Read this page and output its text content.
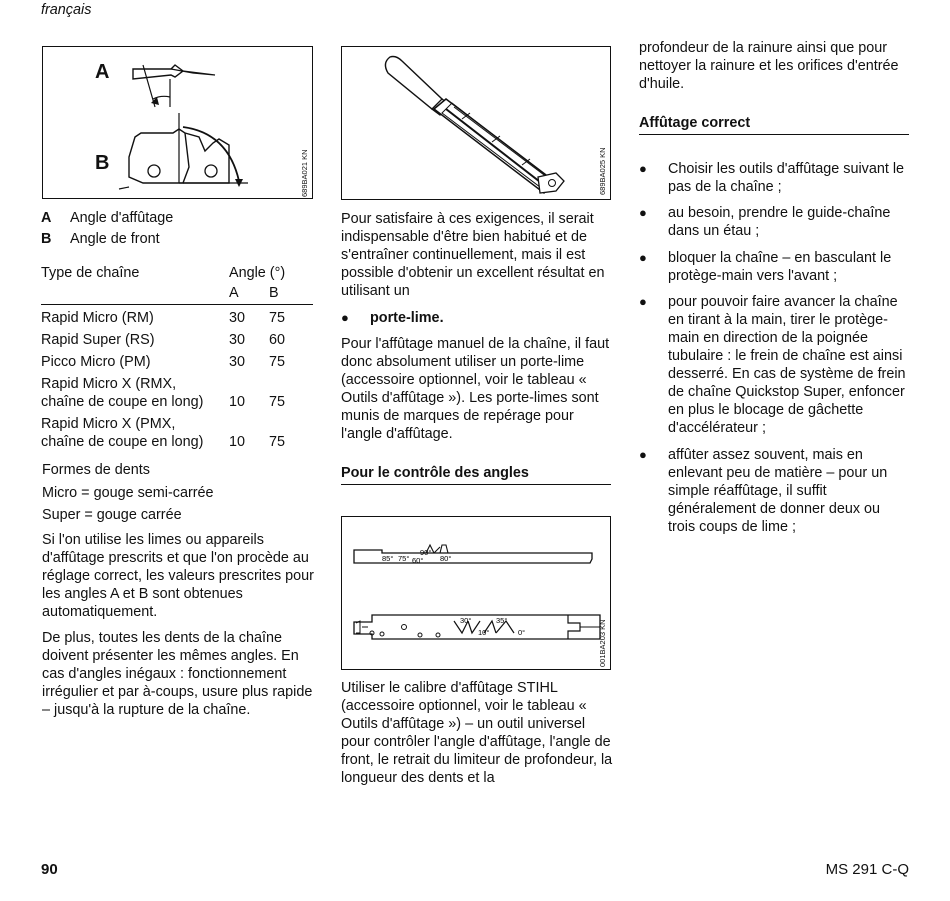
français
A
B	689BA021 KN
A	Angle d'affûtage
B	Angle de front
Type de chaîne	Angle (°)	
	A	B
Rapid Micro (RM)	30	75
Rapid Super (RS)	30	60
Picco Micro (PM)	30	75

Rapid Micro X (RMX,
chaîne de coupe en long)	10	75

Rapid Micro X (PMX,
chaîne de coupe en long)	10	75
Formes de dents
Micro = gouge semi-carrée
Super = gouge carrée

Si l'on utilise les limes ou appareils d'affûtage prescrits et que l'on procède au réglage correct, les valeurs prescrites pour les angles A et B sont obtenues automatiquement.

De plus, toutes les dents de la chaîne doivent présenter les mêmes angles. En cas d'angles inégaux : fonctionnement irrégulier et par à-coups, usure plus rapide – jusqu'à la rupture de la chaîne.

689BA025 KN

Pour satisfaire à ces exigences, il serait indispensable d'être bien habitué et de s'entraîner continuellement, mais il est possible d'obtenir un excellent résultat en utilisant un

●	porte-lime.

Pour l'affûtage manuel de la chaîne, il faut donc absolument utiliser un porte-lime (accessoire optionnel, voir le tableau « Outils d'affûtage »). Les porte-limes sont munis de marques de repérage pour l'angle d'affûtage.

Pour le contrôle des angles
85° 75° 60°
90°
80°
30°
10°
35°
0°	001BA203 KN

Utiliser le calibre d'affûtage STIHL (accessoire optionnel, voir le tableau « Outils d'affûtage ») – un outil universel pour contrôler l'angle d'affûtage, l'angle de front, le retrait du limiteur de profondeur, la longueur des dents et la

profondeur de la rainure ainsi que pour nettoyer la rainure et les orifices d'entrée d'huile.

Affûtage correct
●	Choisir les outils d'affûtage suivant le pas de la chaîne ;
●	au besoin, prendre le guide-chaîne dans un étau ;
●	bloquer la chaîne – en basculant le protège-main vers l'avant ;
●	pour pouvoir faire avancer la chaîne en tirant à la main, tirer le protège-main en direction de la poignée tubulaire : le frein de chaîne est ainsi desserré. En cas de système de frein de chaîne Quickstop Super, enfoncer en plus le blocage de gâchette d'accélérateur ;
●	affûter assez souvent, mais en enlevant peu de matière – pour un simple réaffûtage, il suffit généralement de donner deux ou trois coups de lime ;
90	MS 291 C-Q
